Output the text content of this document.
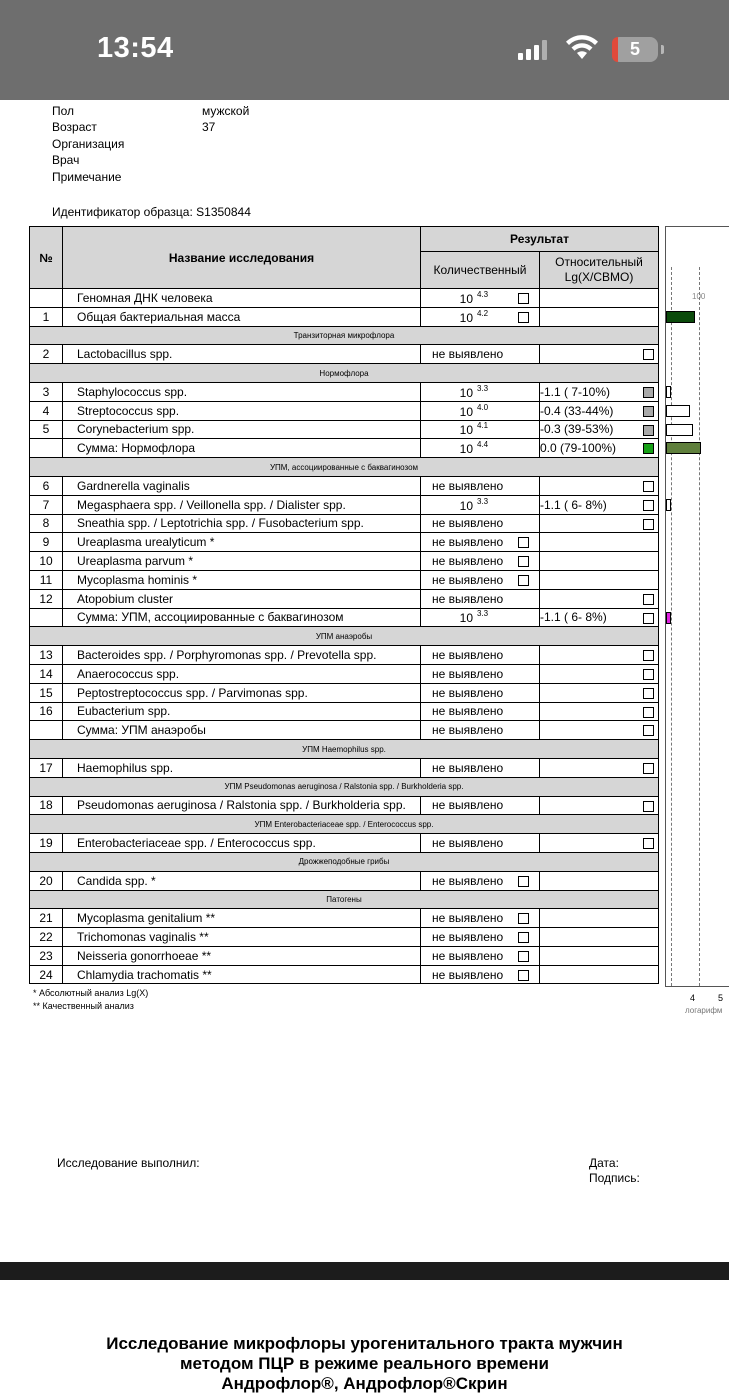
13:54	5
Пол	мужской
Возраст	37
Организация
Врач
Примечание
Идентификатор образца: S1350844
№	Название исследования	Результат	
		Количественный	Относительный Lg(X/CBMO)
	Геномная ДНК человека	10 $^{4.3}$

1	Общая бактериальная масса	10 $^{4.2}$

Транзиторная микрофлора			
2	Lactobacillus spp.	не выявлено	

Нормофлора			
3	Staphylococcus spp.	10 $^{3.3}$	-1.1 ( 7-10%)

4	Streptococcus spp.	10 $^{4.0}$	-0.4 (33-44%)

5	Corynebacterium spp.	10 $^{4.1}$	-0.3 (39-53%)

	Сумма: Нормофлора	10 $^{4.4}$	0.0 (79-100%)

УПМ, ассоциированные с баквагинозом			
6	Gardnerella vaginalis	не выявлено	

7	Megasphaera spp. / Veillonella spp. / Dialister spp.	10 $^{3.3}$	-1.1 ( 6- 8%)

8	Sneathia spp. / Leptotrichia spp. / Fusobacterium spp.	не выявлено	

9	Ureaplasma urealyticum *	не выявлено

10	Ureaplasma parvum *	не выявлено

11	Mycoplasma hominis *	не выявлено

12	Atopobium cluster	не выявлено	

	Сумма: УПМ, ассоциированные с баквагинозом	10 $^{3.3}$	-1.1 ( 6- 8%)

УПМ анаэробы			
13	Bacteroides spp. / Porphyromonas spp. / Prevotella spp.	не выявлено	

14	Anaerococcus spp.	не выявлено	

15	Peptostreptococcus spp. / Parvimonas spp.	не выявлено	

16	Eubacterium spp.	не выявлено	

	Сумма: УПМ анаэробы	не выявлено	

УПМ Haemophilus spp.			
17	Haemophilus spp.	не выявлено	

УПМ Pseudomonas aeruginosa / Ralstonia spp. / Burkholderia spp.			
18	Pseudomonas aeruginosa / Ralstonia spp. / Burkholderia spp.	не выявлено	

УПМ Enterobacteriaceae spp. / Enterococcus spp.			
19	Enterobacteriaceae spp. / Enterococcus spp.	не выявлено	

Дрожжеподобные грибы			
20	Candida spp. *	не выявлено

Патогены			
21	Mycoplasma genitalium **	не выявлено

22	Trichomonas vaginalis **	не выявлено

23	Neisseria gonorrhoeae **	не выявлено

24	Chlamydia trachomatis **	не выявлено

100
4	5
логарифм
* Абсолютный анализ Lg(X)
** Качественный анализ
Исследование выполнил:	Дата:
Подпись:
Исследование микрофлоры урогенитального тракта мужчин
методом ПЦР в режиме реального времени
Андрофлор®, Андрофлор®Скрин
